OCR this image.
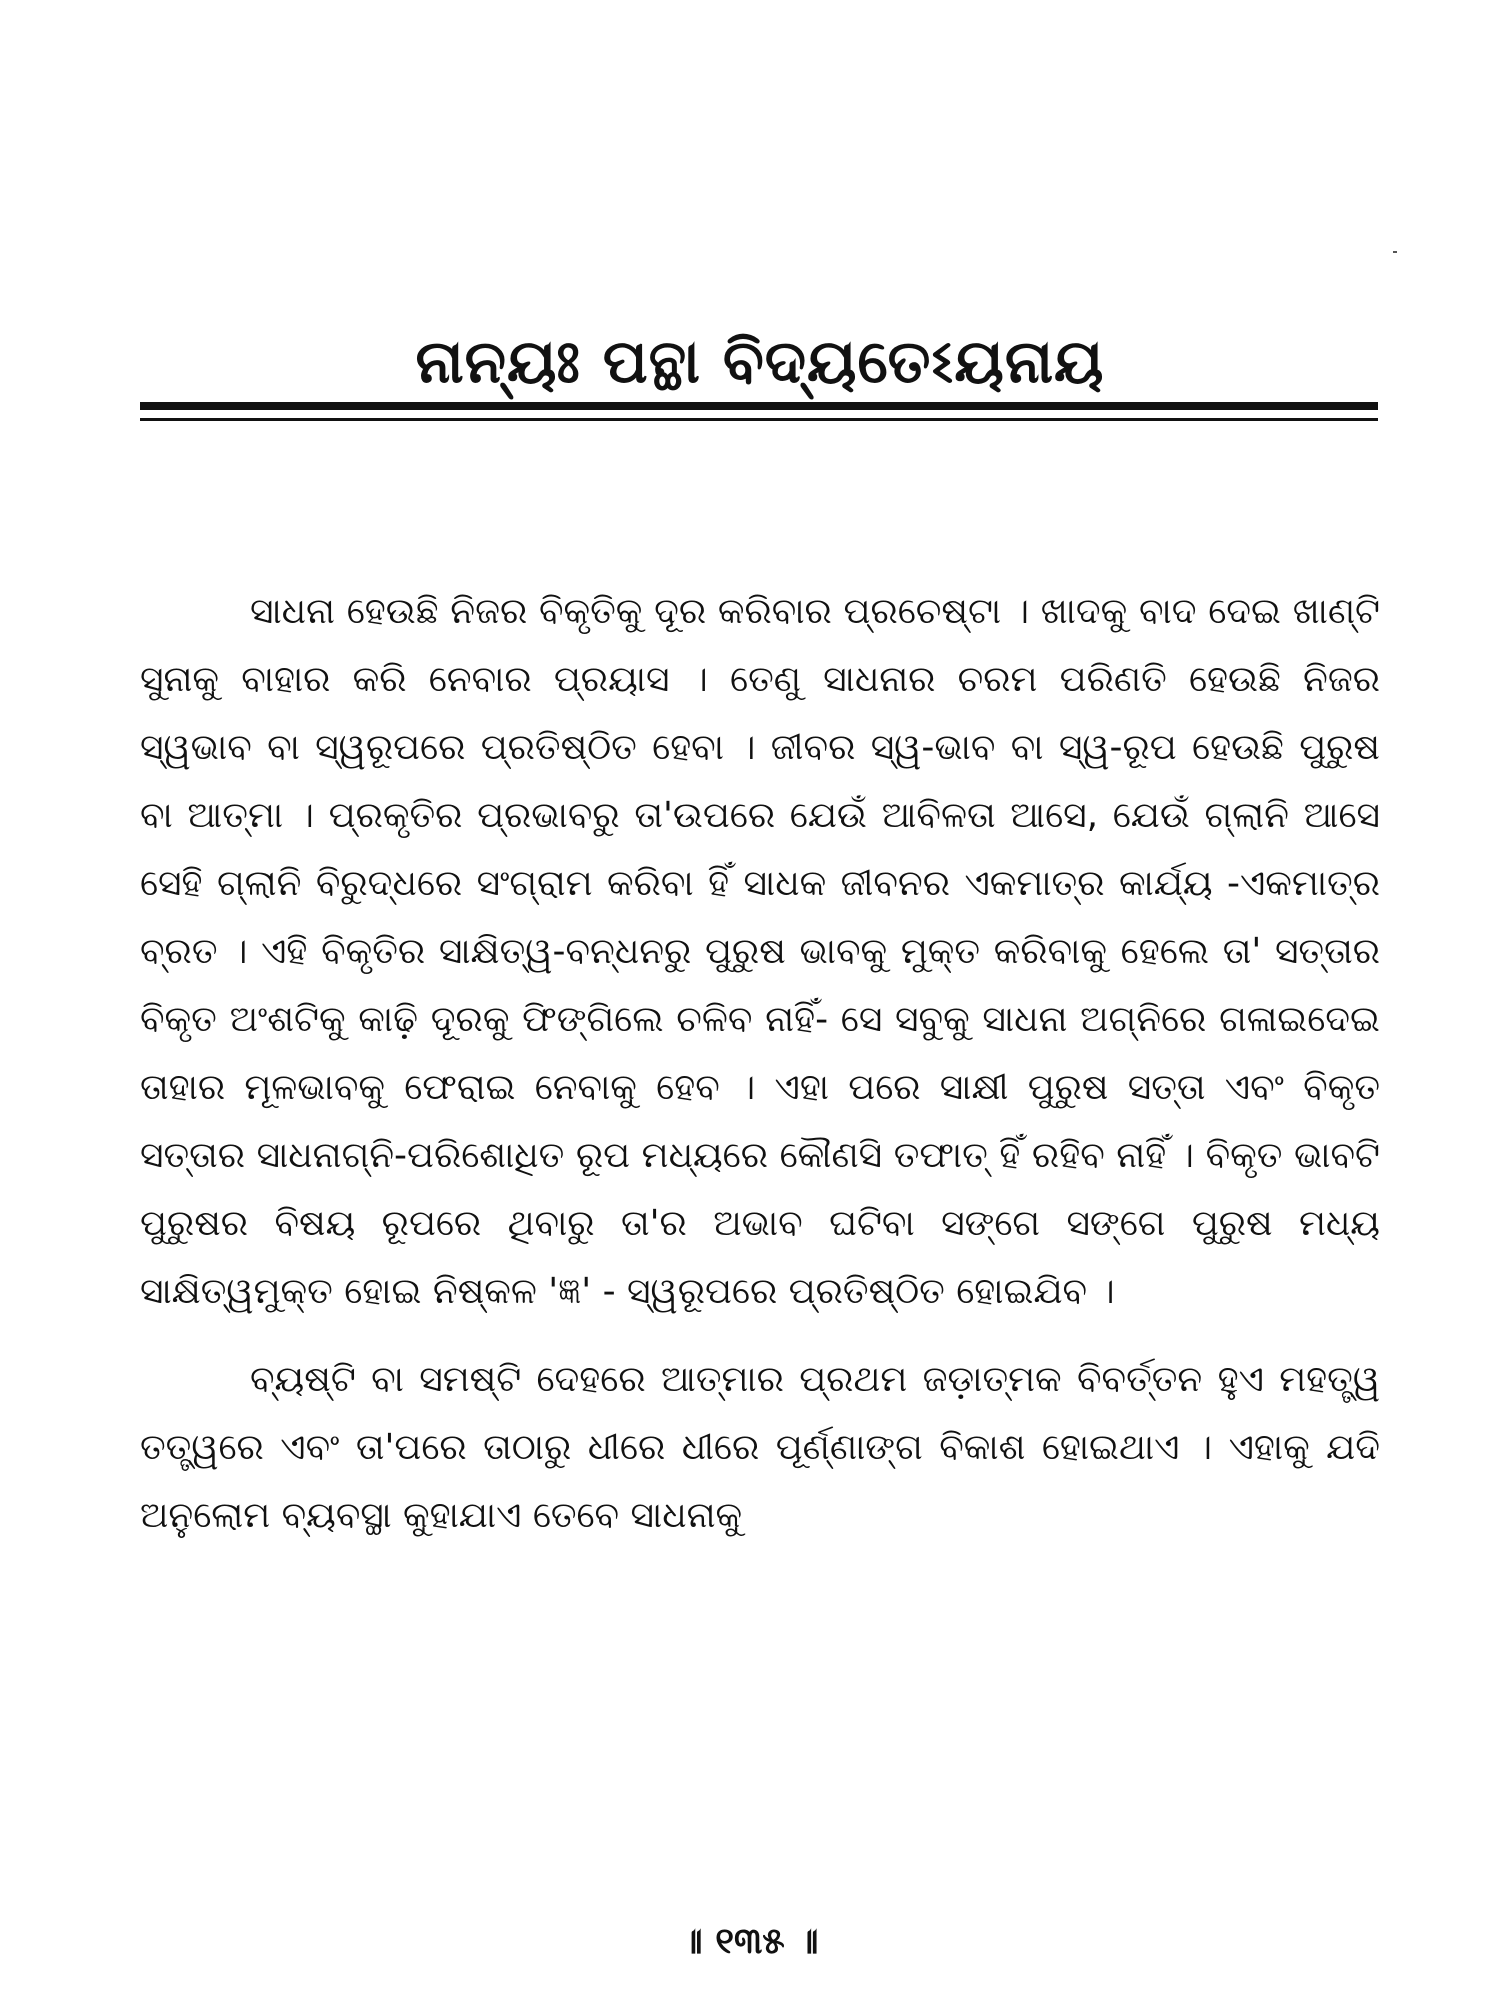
ନାନ୍ୟଃ ପନ୍ଥା ବିଦ୍ୟତେଽୟନାୟ

ସାଧନା ହେଉଛି ନିଜର ବିକୃତିକୁ ଦୂର କରିବାର ପ୍ରଚେଷ୍ଟା । ଖାଦକୁ ବାଦ ଦେଇ ଖାଣ୍ଟି ସୁନାକୁ ବାହାର କରି ନେବାର ପ୍ରୟାସ । ତେଣୁ ସାଧନାର ଚରମ ପରିଣତି ହେଉଛି ନିଜର ସ୍ୱଭାବ ବା ସ୍ୱରୂପରେ ପ୍ରତିଷ୍ଠିତ ହେବା । ଜୀବର ସ୍ୱ-ଭାବ ବା ସ୍ୱ-ରୂପ ହେଉଛି ପୁରୁଷ ବା ଆତ୍ମା । ପ୍ରକୃତିର ପ୍ରଭାବରୁ ତା'ଉପରେ ଯେଉଁ ଆବିଳତା ଆସେ, ଯେଉଁ ଗ୍ଲାନି ଆସେ ସେହି ଗ୍ଲାନି ବିରୁଦ୍ଧରେ ସଂଗ୍ରାମ କରିବା ହିଁ ସାଧକ ଜୀବନର ଏକମାତ୍ର କାର୍ଯ୍ୟ -ଏକମାତ୍ର ବ୍ରତ । ଏହି ବିକୃତିର ସାକ୍ଷିତ୍ୱ-ବନ୍ଧନରୁ ପୁରୁଷ ଭାବକୁ ମୁକ୍ତ କରିବାକୁ ହେଲେ ତା' ସତ୍ତାର ବିକୃତ ଅଂଶଟିକୁ କାଢ଼ି ଦୂରକୁ ଫିଙ୍ଗିଲେ ଚଳିବ ନାହିଁ- ସେ ସବୁକୁ ସାଧନା ଅଗ୍ନିରେ ଗଳାଇଦେଇ ତାହାର ମୂଳଭାବକୁ ଫେରାଇ ନେବାକୁ ହେବ । ଏହା ପରେ ସାକ୍ଷୀ ପୁରୁଷ ସତ୍ତା ଏବଂ ବିକୃତ ସତ୍ତାର ସାଧନାଗ୍ନି-ପରିଶୋଧିତ ରୂପ ମଧ୍ୟରେ କୌଣସି ତଫାତ୍ ହିଁ ରହିବ ନାହିଁ । ବିକୃତ ଭାବଟି ପୁରୁଷର ବିଷୟ ରୂପରେ ଥିବାରୁ ତା'ର ଅଭାବ ଘଟିବା ସଙ୍ଗେ ସଙ୍ଗେ ପୁରୁଷ ମଧ୍ୟ ସାକ୍ଷିତ୍ୱମୁକ୍ତ ହୋଇ ନିଷ୍କଳ 'ଜ୍ଞ' - ସ୍ୱରୂପରେ ପ୍ରତିଷ୍ଠିତ ହୋଇଯିବ ।

ବ୍ୟଷ୍ଟି ବା ସମଷ୍ଟି ଦେହରେ ଆତ୍ମାର ପ୍ରଥମ ଜଡ଼ାତ୍ମକ ବିବର୍ତ୍ତନ ହୁଏ ମହତ୍ତ୍ୱ ତତ୍ତ୍ୱରେ ଏବଂ ତା'ପରେ ତାଠାରୁ ଧୀରେ ଧୀରେ ପୂର୍ଣ୍ଣାଙ୍ଗ ବିକାଶ ହୋଇଥାଏ । ଏହାକୁ ଯଦି ଅନୁଲୋମ ବ୍ୟବସ୍ଥା କୁହାଯାଏ ତେବେ ସାଧନାକୁ

॥ ୧୩୫ ॥
